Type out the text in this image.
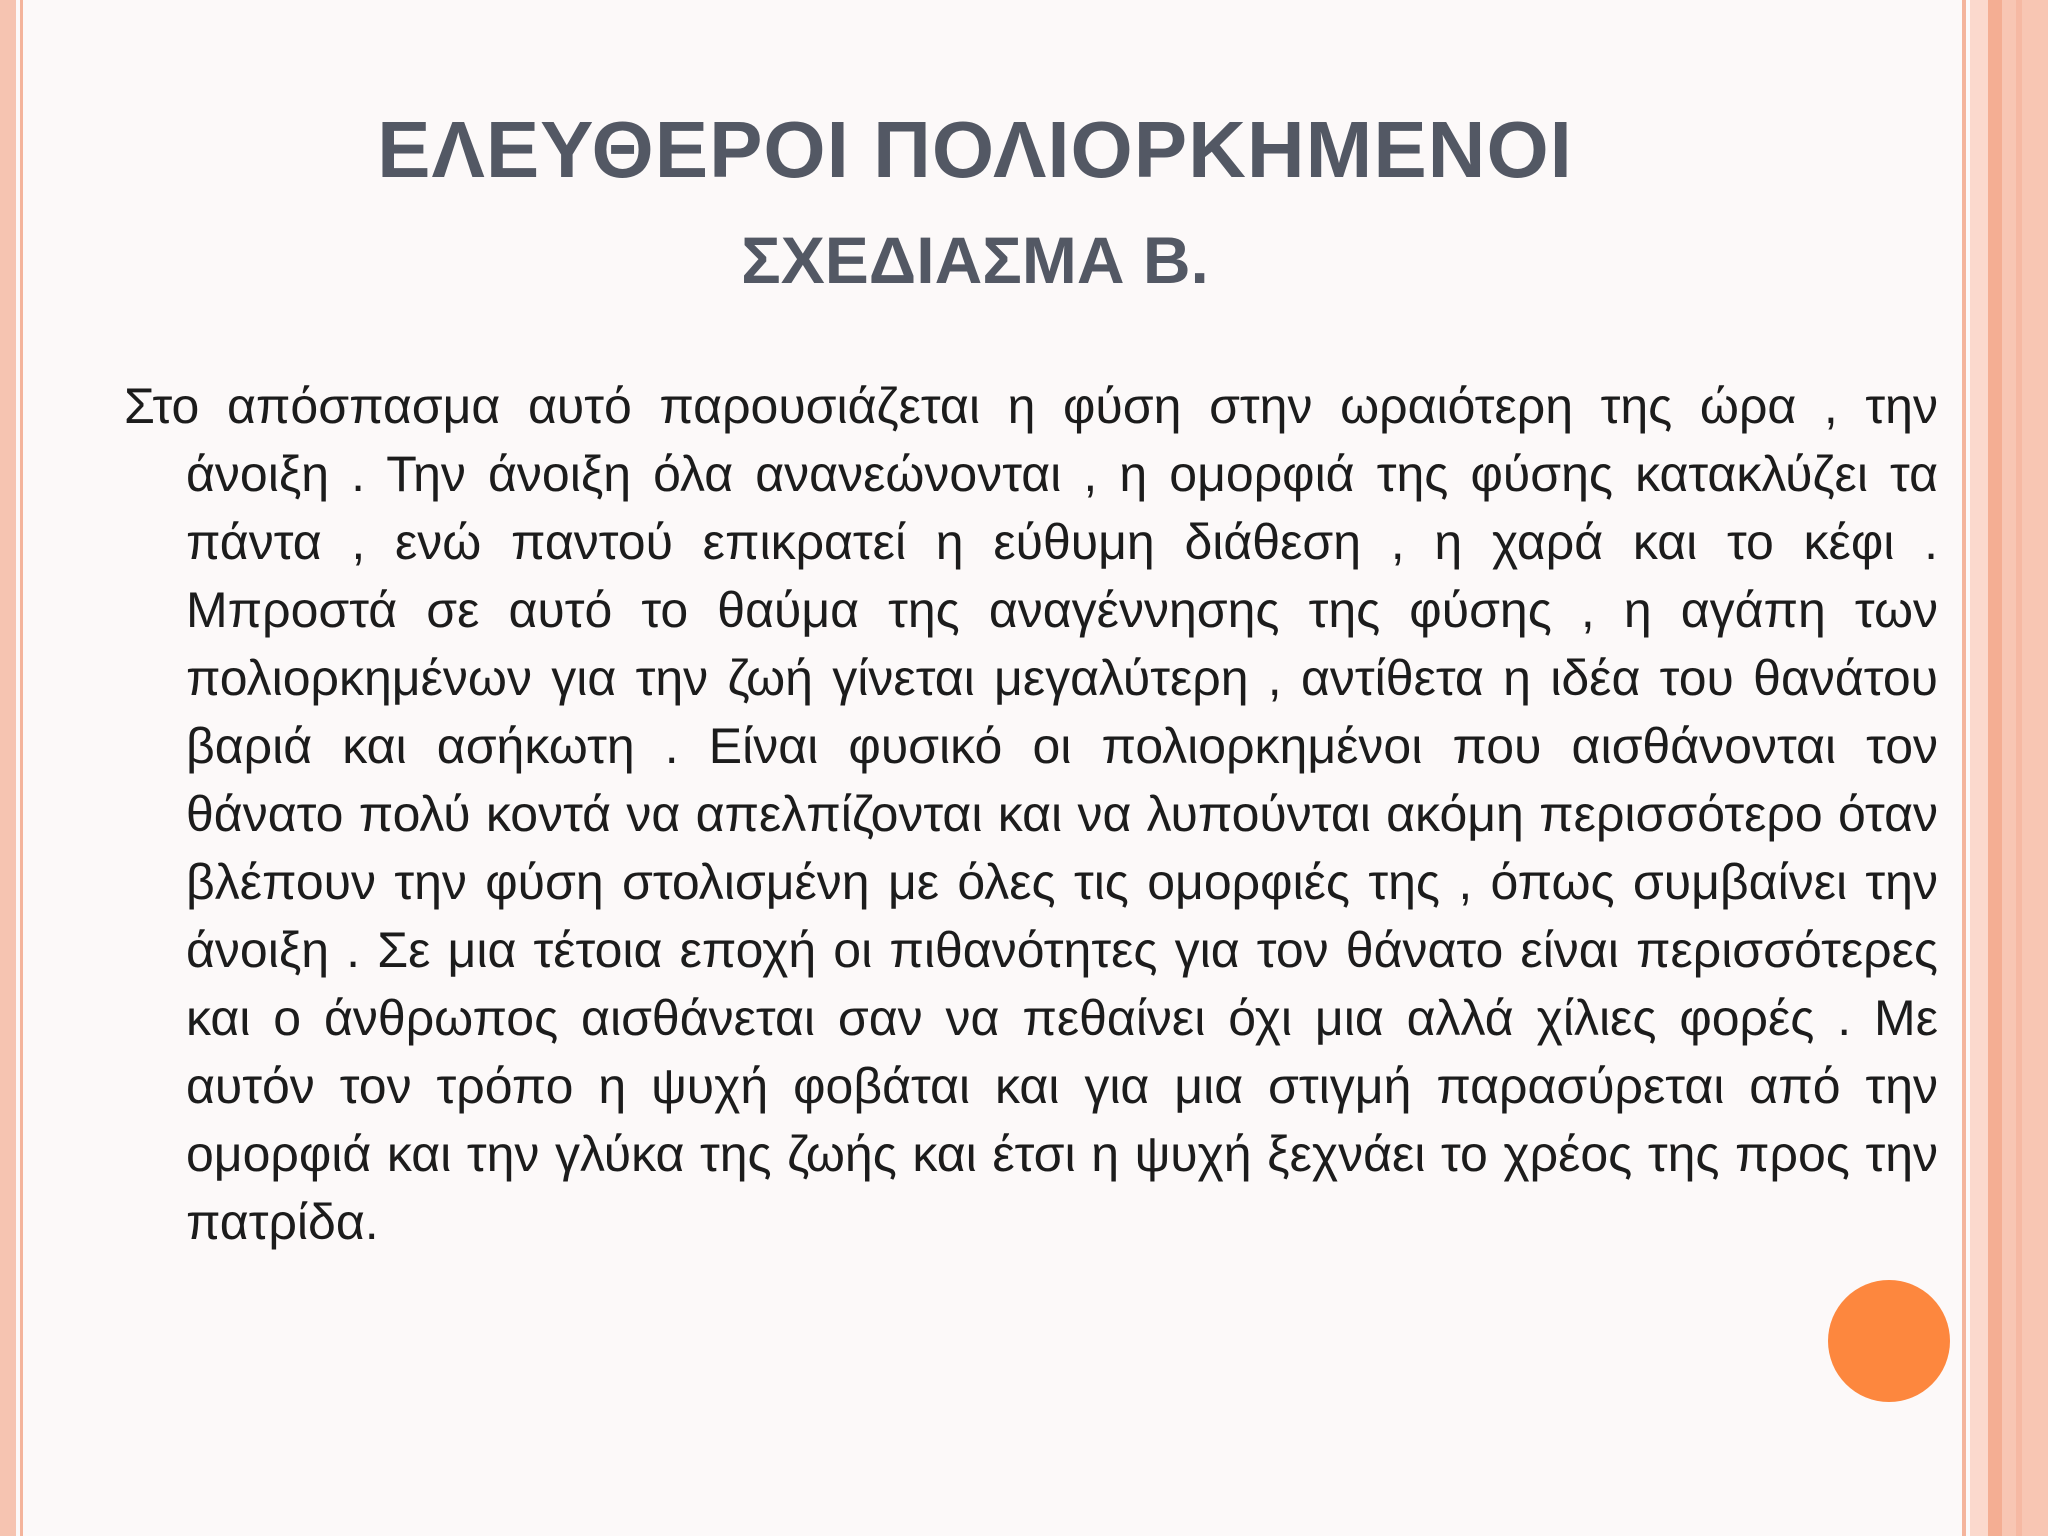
ΕΛΕΥΘΕΡΟΙ ΠΟΛΙΟΡΚΗΜΕΝΟΙ
ΣΧΕΔΙΑΣΜΑ Β.

Στο απόσπασμα αυτό παρουσιάζεται η φύση στην ωραιότερη της ώρα , την άνοιξη . Την άνοιξη όλα ανανεώνονται , η ομορφιά της φύσης κατακλύζει τα πάντα , ενώ παντού επικρατεί η εύθυμη διάθεση , η χαρά και το κέφι . Μπροστά σε αυτό το θαύμα της αναγέννησης της φύσης , η αγάπη των πολιορκημένων για την ζωή γίνεται μεγαλύτερη , αντίθετα η ιδέα του θανάτου βαριά και ασήκωτη . Είναι φυσικό οι πολιορκημένοι που αισθάνονται τον θάνατο πολύ κοντά να απελπίζονται και να λυπούνται ακόμη περισσότερο όταν βλέπουν την φύση στολισμένη με όλες τις ομορφιές της , όπως συμβαίνει την άνοιξη . Σε μια τέτοια εποχή οι πιθανότητες για τον θάνατο είναι περισσότερες και ο άνθρωπος αισθάνεται σαν να πεθαίνει όχι μια αλλά χίλιες φορές . Με αυτόν τον τρόπο η ψυχή φοβάται και για μια στιγμή παρασύρεται από την ομορφιά και την γλύκα της ζωής και έτσι η ψυχή ξεχνάει το χρέος της προς την πατρίδα.
